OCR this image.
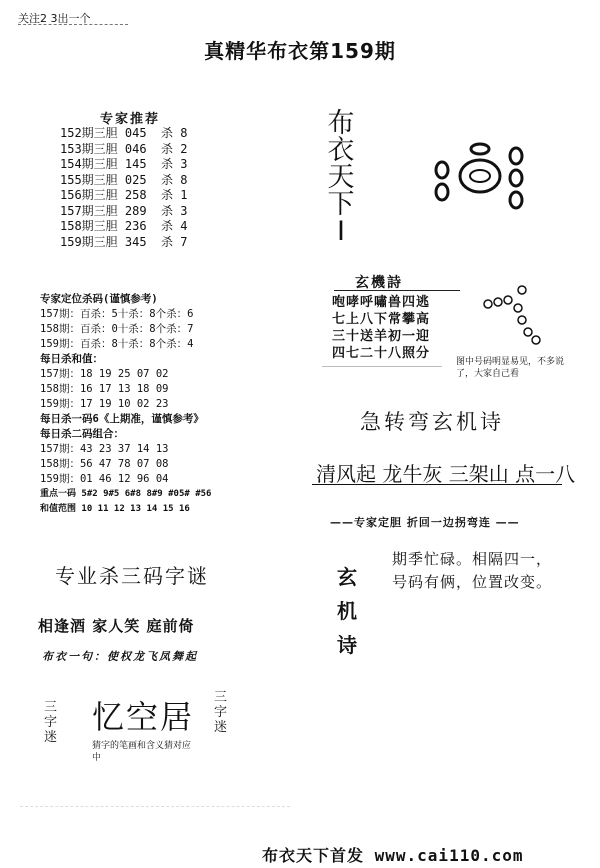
关注2 3出一个
真精华布衣第159期
专家推荐
152期三胆 045  杀 8
153期三胆 046  杀 2
154期三胆 145  杀 3
155期三胆 025  杀 8
156期三胆 258  杀 1
157期三胆 289  杀 3
158期三胆 236  杀 4
159期三胆 345  杀 7
专家定位杀码(谨慎参考)
157期：百杀：5十杀：8个杀：6
158期：百杀：0十杀：8个杀：7
159期：百杀：8十杀：8个杀：4
每日杀和值：
157期：18 19 25 07 02
158期：16 17 13 18 09
159期：17 19 10 02 23
每日杀一码6《上期准，谨慎参考》
每日杀二码组合：
157期：43 23 37 14 13
158期：56 47 78 07 08
159期：01 46 12 96 04
重点一码 5#2 9#5 6#8 8#9 #05# #56
和值范围 10 11 12 13 14 15 16
专业杀三码字谜
相逢酒 家人笑 庭前倚
布衣一句：使权龙飞凤舞起
三字迷
忆空居
三字迷
猜字的笔画和含义猜对应中
布衣天下I
玄機詩
咆哮呼嘯兽四逃
七上八下常攀高
三十送羊初一迎
四七二十八照分
图中号码明显易见，不多说了，大家自己看
急转弯玄机诗
清风起 龙牛灰 三架山 点一八
——专家定胆 折回一边拐弯连 ——
玄机诗
期季忙碌。相隔四一，
号码有俩，位置改变。
布衣天下首发 www.cai110.com
